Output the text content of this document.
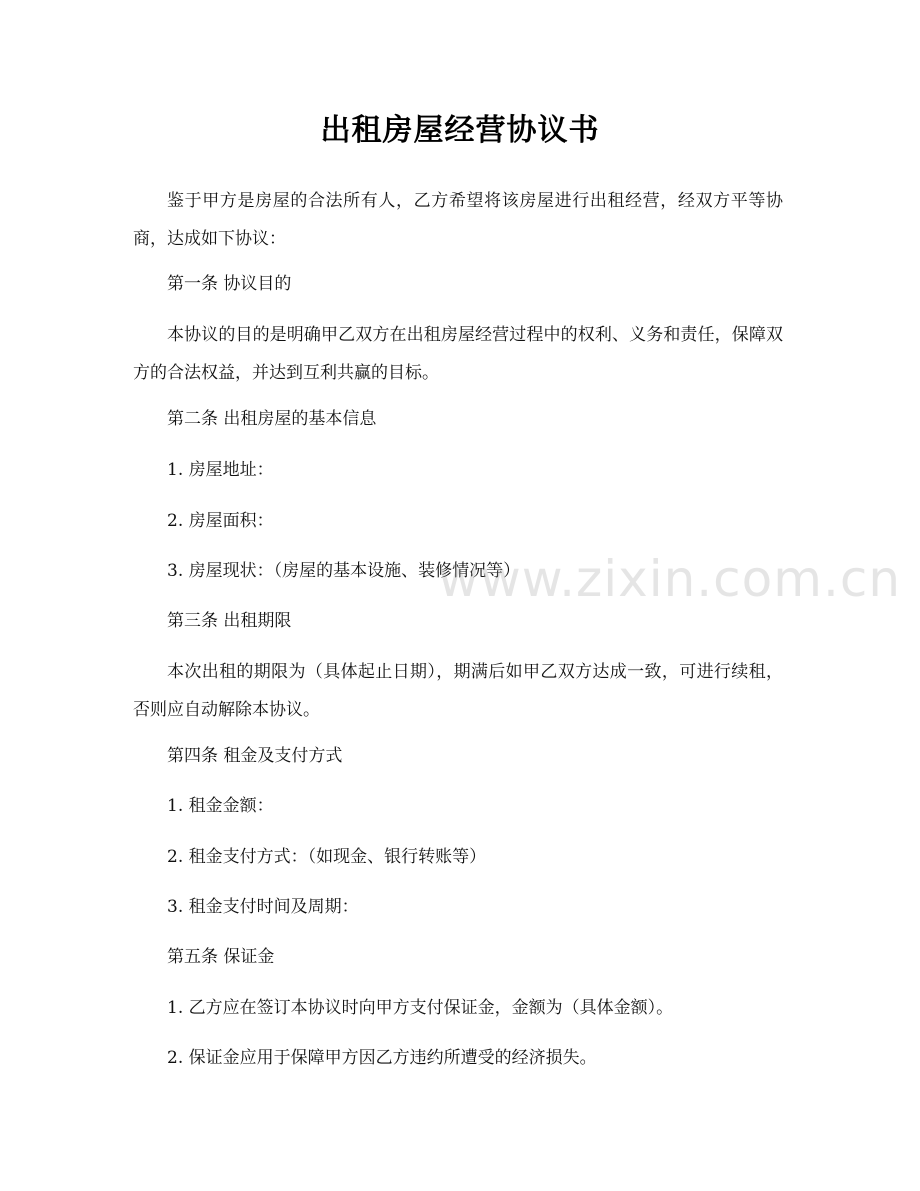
出租房屋经营协议书

鉴于甲方是房屋的合法所有人，乙方希望将该房屋进行出租经营，经双方平等协商，达成如下协议：

第一条 协议目的

本协议的目的是明确甲乙双方在出租房屋经营过程中的权利、义务和责任，保障双方的合法权益，并达到互利共赢的目标。

第二条 出租房屋的基本信息

1. 房屋地址：

2. 房屋面积：

3. 房屋现状：（房屋的基本设施、装修情况等）

第三条 出租期限

本次出租的期限为（具体起止日期），期满后如甲乙双方达成一致，可进行续租，否则应自动解除本协议。

第四条 租金及支付方式

1. 租金金额：

2. 租金支付方式：（如现金、银行转账等）

3. 租金支付时间及周期：

第五条 保证金

1. 乙方应在签订本协议时向甲方支付保证金，金额为（具体金额）。

2. 保证金应用于保障甲方因乙方违约所遭受的经济损失。

www.zixin.com.cn
